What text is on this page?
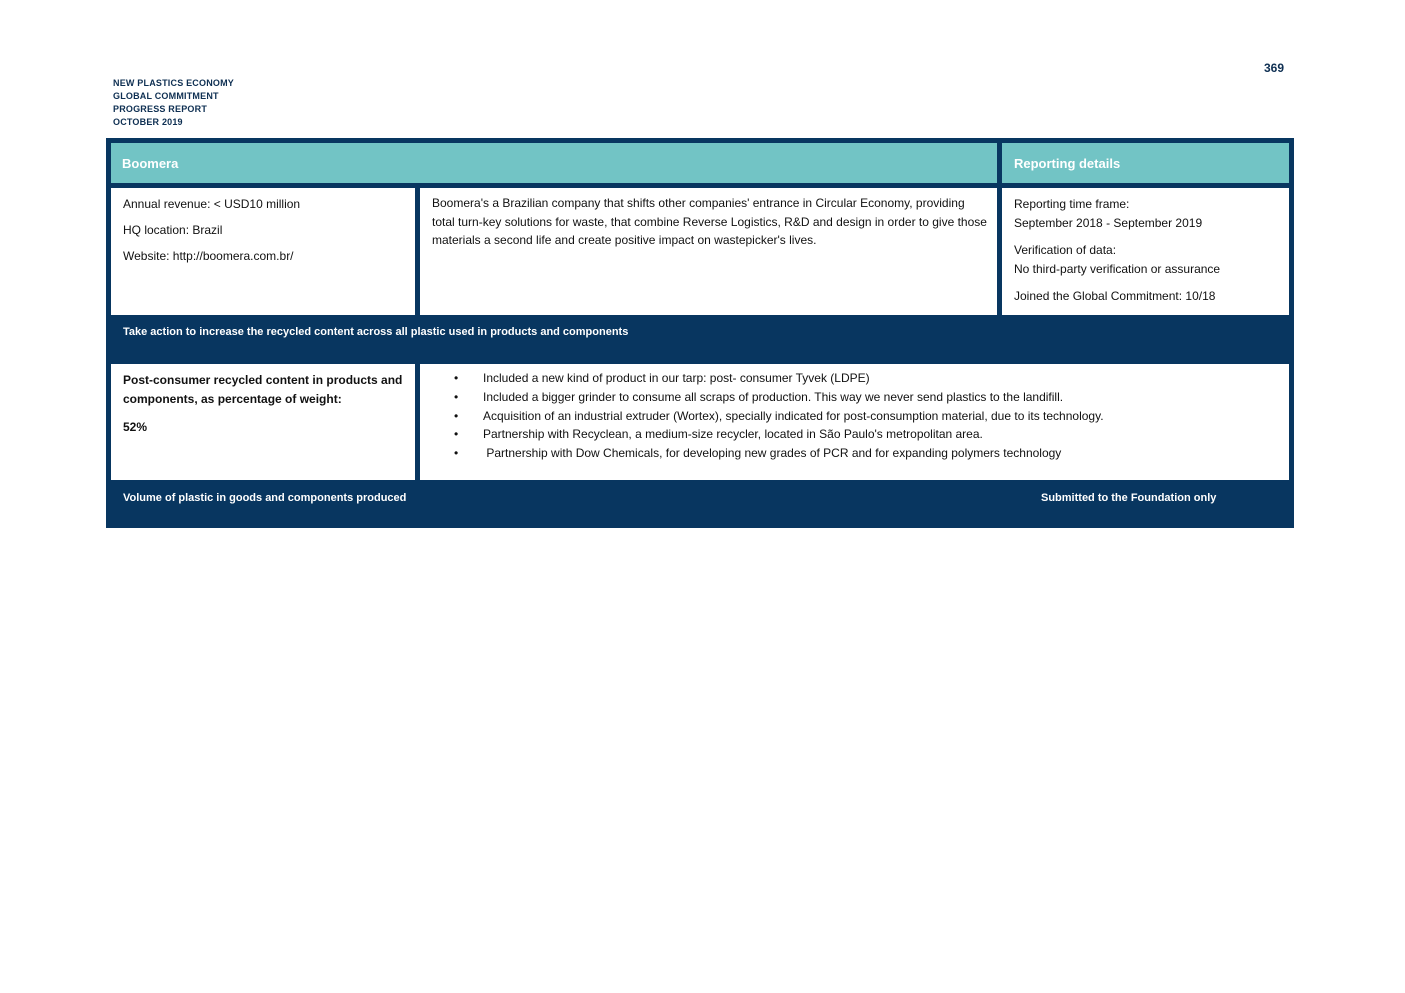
NEW PLASTICS ECONOMY
GLOBAL COMMITMENT
PROGRESS REPORT
OCTOBER 2019
369
Boomera	Reporting details

Annual revenue: < USD10 million

HQ location: Brazil

Website: http://boomera.com.br/

Boomera's a Brazilian company that shifts other companies' entrance in Circular Economy, providing total turn-key solutions for waste, that combine Reverse Logistics, R&D and design in order to give those materials a second life and create positive impact on wastepicker's lives.

Reporting time frame:
September 2018 - September 2019

Verification of data:
No third-party verification or assurance

Joined the Global Commitment: 10/18

Take action to increase the recycled content across all plastic used in products and components

Post-consumer recycled content in products and components, as percentage of weight:

52%

• Included a new kind of product in our tarp: post- consumer Tyvek (LDPE)
• Included a bigger grinder to consume all scraps of production. This way we never send plastics to the landifill.
• Acquisition of an industrial extruder (Wortex), specially indicated for post-consumption material, due to its technology.
• Partnership with Recyclean, a medium-size recycler, located in São Paulo's metropolitan area.
• Partnership with Dow Chemicals, for developing new grades of PCR and for expanding polymers technology
Volume of plastic in goods and components produced	Submitted to the Foundation only
